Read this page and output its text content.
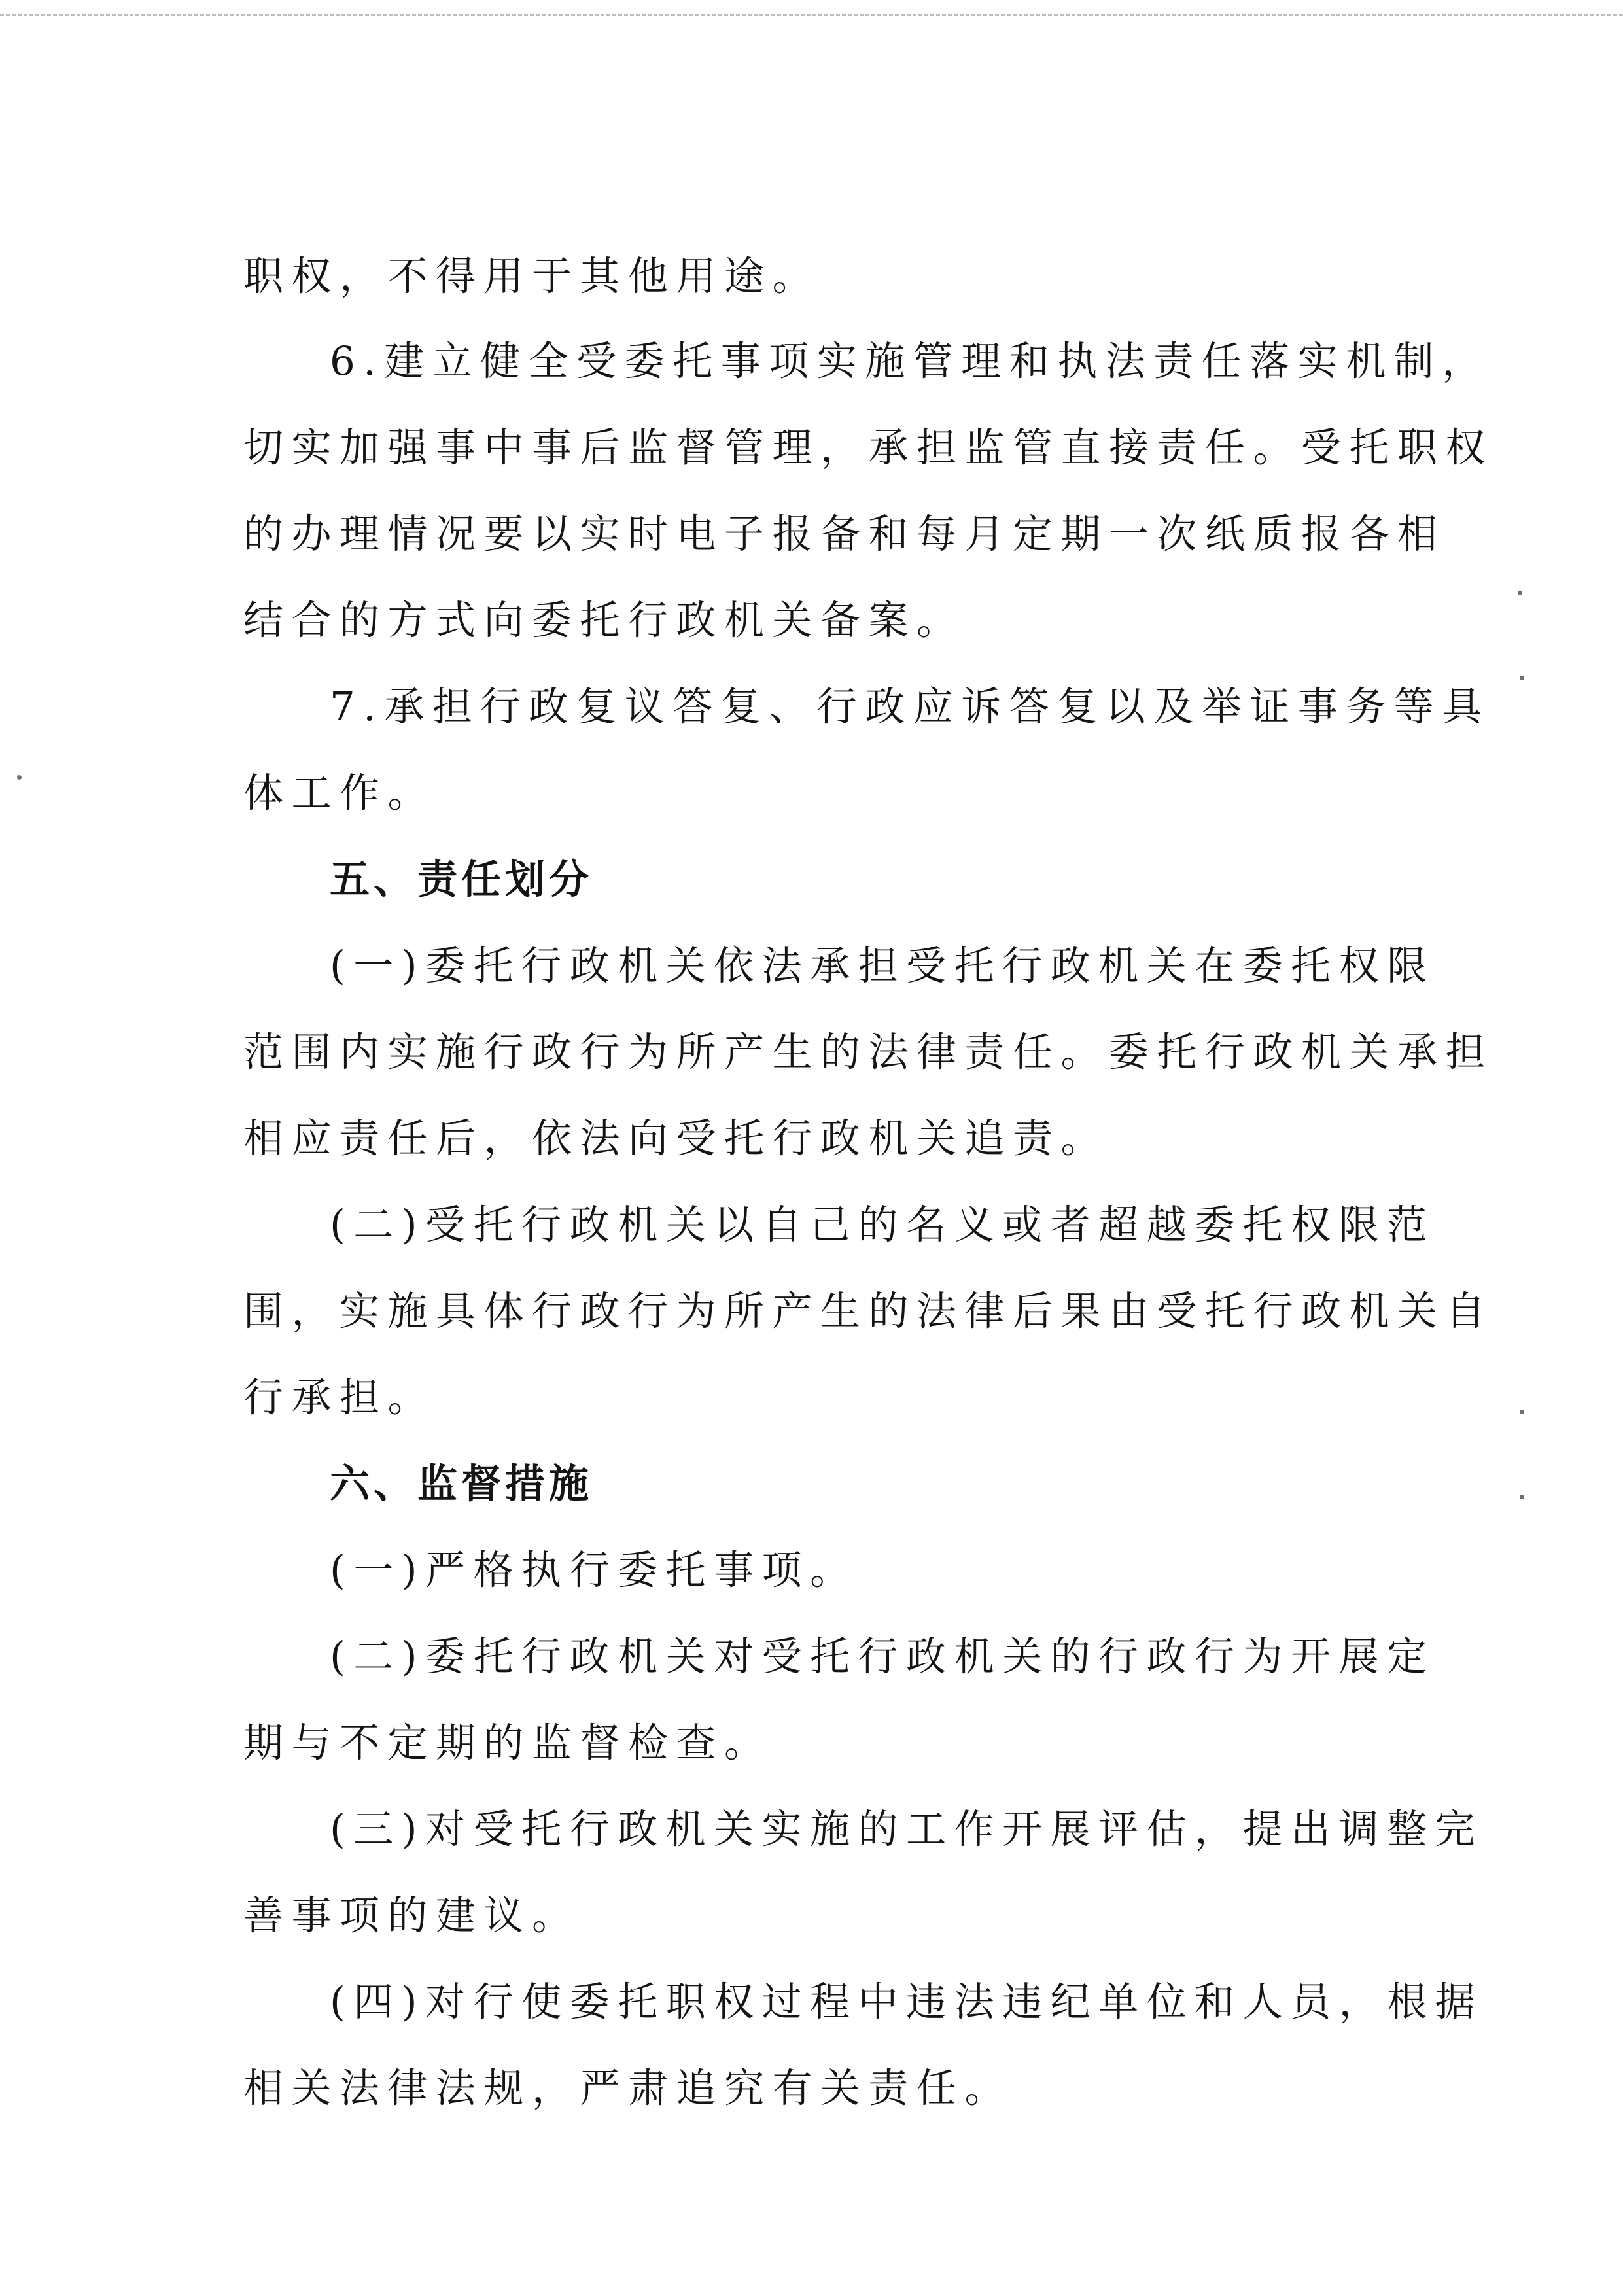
职权，不得用于其他用途。
6.建立健全受委托事项实施管理和执法责任落实机制，
切实加强事中事后监督管理，承担监管直接责任。受托职权
的办理情况要以实时电子报备和每月定期一次纸质报各相
结合的方式向委托行政机关备案。
7.承担行政复议答复、行政应诉答复以及举证事务等具
体工作。
五、责任划分
(一)委托行政机关依法承担受托行政机关在委托权限
范围内实施行政行为所产生的法律责任。委托行政机关承担
相应责任后，依法向受托行政机关追责。
(二)受托行政机关以自己的名义或者超越委托权限范
围，实施具体行政行为所产生的法律后果由受托行政机关自
行承担。
六、监督措施
(一)严格执行委托事项。
(二)委托行政机关对受托行政机关的行政行为开展定
期与不定期的监督检查。
(三)对受托行政机关实施的工作开展评估，提出调整完
善事项的建议。
(四)对行使委托职权过程中违法违纪单位和人员，根据
相关法律法规，严肃追究有关责任。
